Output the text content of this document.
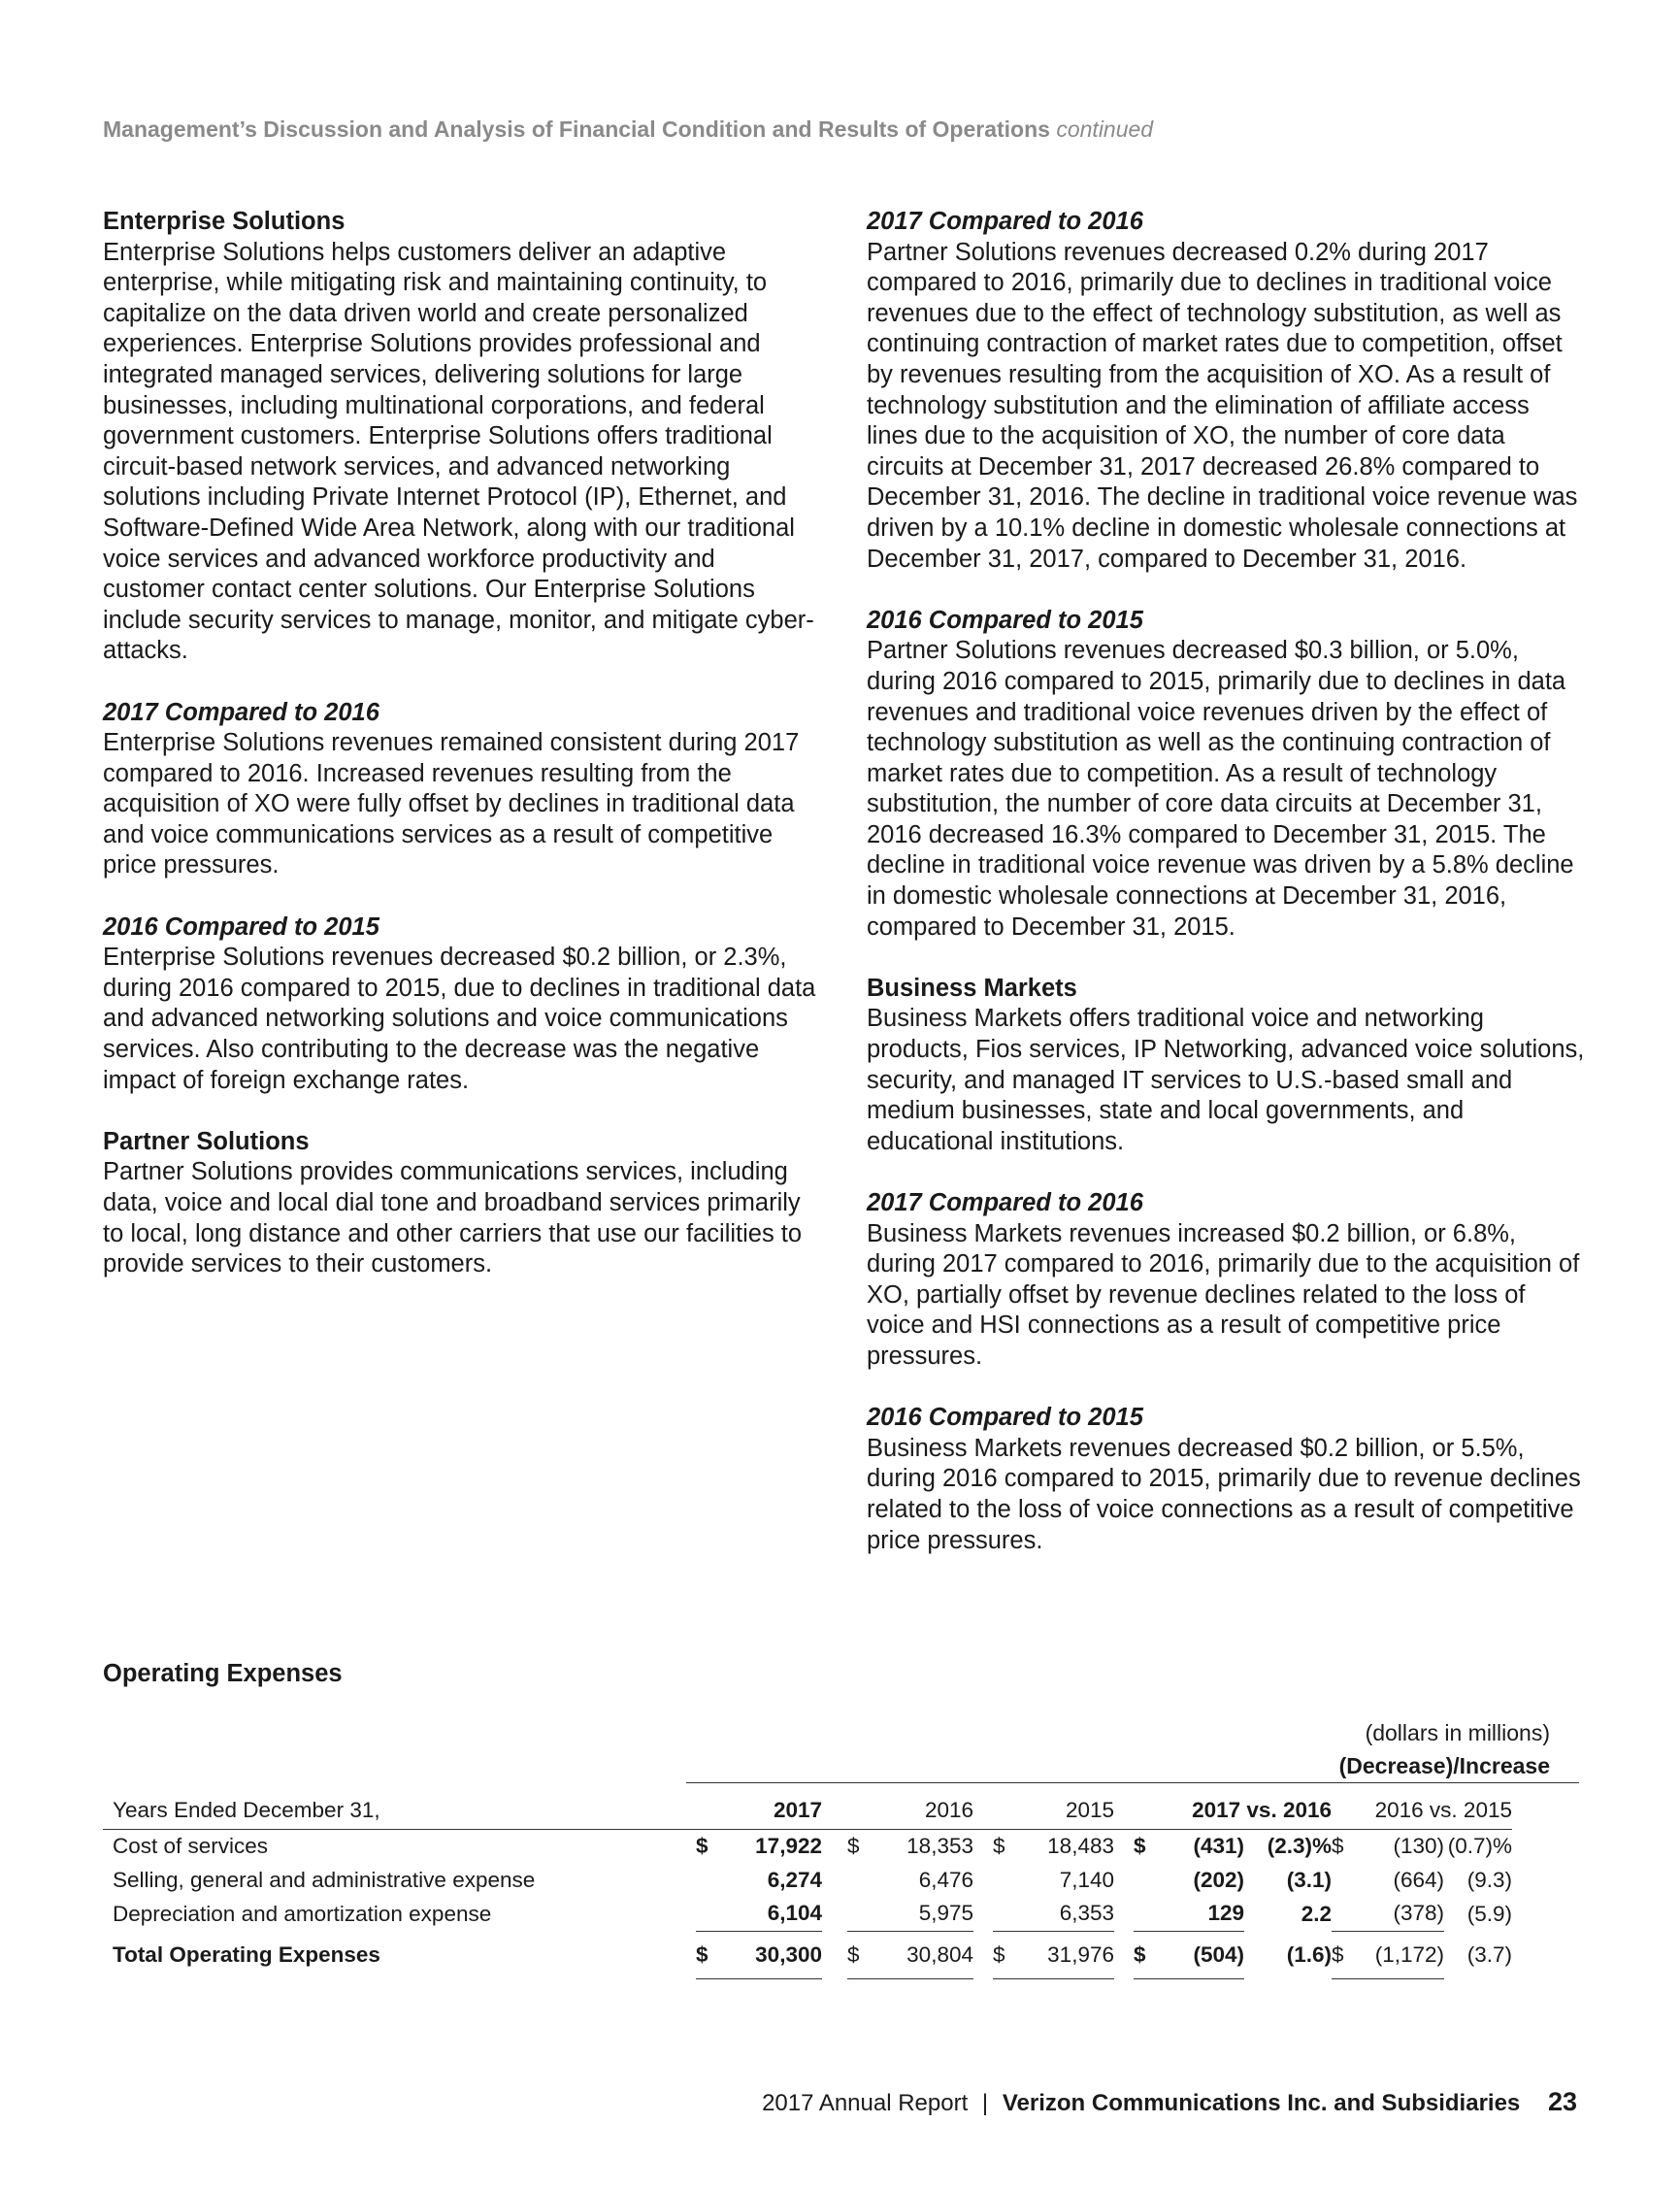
Management’s Discussion and Analysis of Financial Condition and Results of Operations continued
Enterprise Solutions

Enterprise Solutions helps customers deliver an adaptive enterprise, while mitigating risk and maintaining continuity, to capitalize on the data driven world and create personalized experiences. Enterprise Solutions provides professional and integrated managed services, delivering solutions for large businesses, including multinational corporations, and federal government customers. Enterprise Solutions offers traditional circuit-based network services, and advanced networking solutions including Private Internet Protocol (IP), Ethernet, and Software-Defined Wide Area Network, along with our traditional voice services and advanced workforce productivity and customer contact center solutions. Our Enterprise Solutions include security services to manage, monitor, and mitigate cyber-attacks.

2017 Compared to 2016

Enterprise Solutions revenues remained consistent during 2017 compared to 2016. Increased revenues resulting from the acquisition of XO were fully offset by declines in traditional data and voice communications services as a result of competitive price pressures.

2016 Compared to 2015

Enterprise Solutions revenues decreased $0.2 billion, or 2.3%, during 2016 compared to 2015, due to declines in traditional data and advanced networking solutions and voice communications services. Also contributing to the decrease was the negative impact of foreign exchange rates.

Partner Solutions

Partner Solutions provides communications services, including data, voice and local dial tone and broadband services primarily to local, long distance and other carriers that use our facilities to provide services to their customers.

2017 Compared to 2016

Partner Solutions revenues decreased 0.2% during 2017 compared to 2016, primarily due to declines in traditional voice revenues due to the effect of technology substitution, as well as continuing contraction of market rates due to competition, offset by revenues resulting from the acquisition of XO. As a result of technology substitution and the elimination of affiliate access lines due to the acquisition of XO, the number of core data circuits at December 31, 2017 decreased 26.8% compared to December 31, 2016. The decline in traditional voice revenue was driven by a 10.1% decline in domestic wholesale connections at December 31, 2017, compared to December 31, 2016.

2016 Compared to 2015

Partner Solutions revenues decreased $0.3 billion, or 5.0%, during 2016 compared to 2015, primarily due to declines in data revenues and traditional voice revenues driven by the effect of technology substitution as well as the continuing contraction of market rates due to competition. As a result of technology substitution, the number of core data circuits at December 31, 2016 decreased 16.3% compared to December 31, 2015. The decline in traditional voice revenue was driven by a 5.8% decline in domestic wholesale connections at December 31, 2016, compared to December 31, 2015.

Business Markets

Business Markets offers traditional voice and networking products, Fios services, IP Networking, advanced voice solutions, security, and managed IT services to U.S.-based small and medium businesses, state and local governments, and educational institutions.

2017 Compared to 2016

Business Markets revenues increased $0.2 billion, or 6.8%, during 2017 compared to 2016, primarily due to the acquisition of XO, partially offset by revenue declines related to the loss of voice and HSI connections as a result of competitive price pressures.

2016 Compared to 2015

Business Markets revenues decreased $0.2 billion, or 5.5%, during 2016 compared to 2015, primarily due to revenue declines related to the loss of voice connections as a result of competitive price pressures.

Operating Expenses
(dollars in millions)
(Decrease)/Increase
Years Ended December 31,		2017			2016			2015		2017 vs. 2016				2016 vs. 2015	
Cost of services	$	17,922		$	18,353		$	18,483		$	(431)	(2.3)%	$	(130)	(0.7)%
Selling, general and administrative expense		6,274			6,476			7,140			(202)	(3.1)		(664)	(9.3)
Depreciation and amortization expense		6,104			5,975			6,353			129	2.2		(378)	(5.9)
Total Operating Expenses	$	30,300		$	30,804		$	31,976		$	(504)	(1.6)	$	(1,172)	(3.7)
2017 Annual Report | Verizon Communications Inc. and Subsidiaries 23
